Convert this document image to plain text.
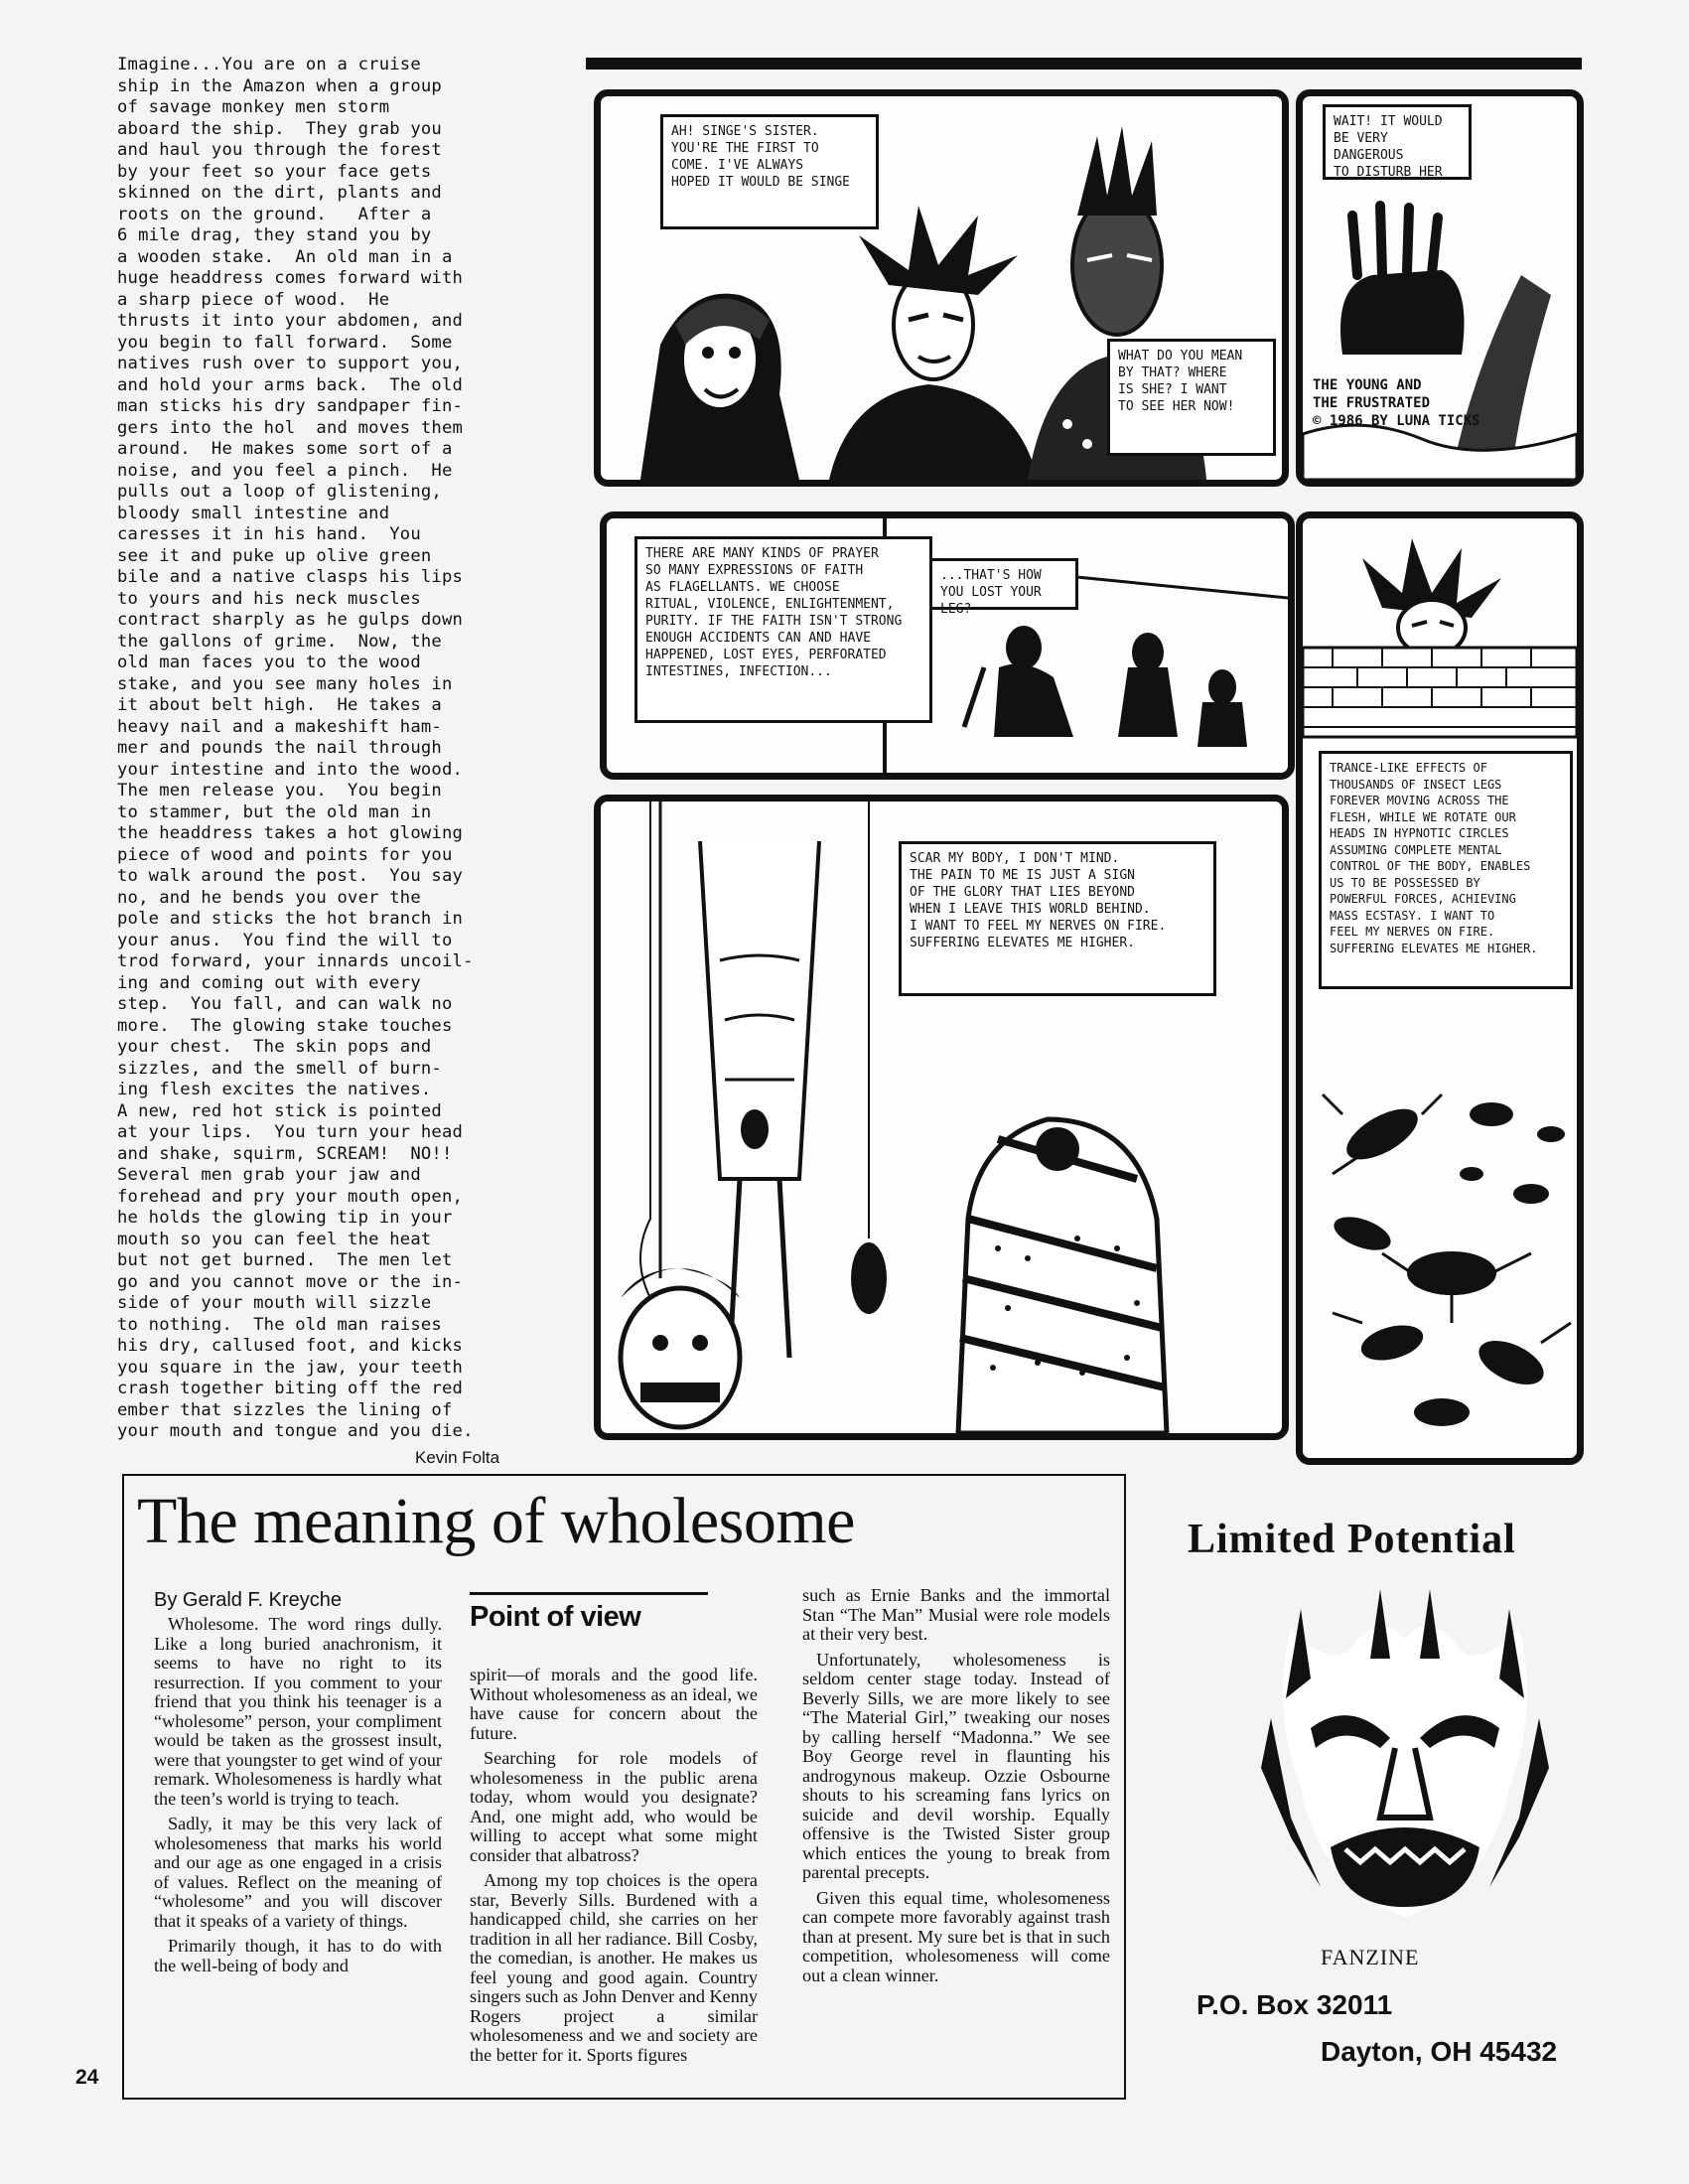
Imagine...You are on a cruise
ship in the Amazon when a group
of savage monkey men storm
aboard the ship.  They grab you
and haul you through the forest
by your feet so your face gets
skinned on the dirt, plants and
roots on the ground.   After a
6 mile drag, they stand you by
a wooden stake.  An old man in a
huge headdress comes forward with
a sharp piece of wood.  He
thrusts it into your abdomen, and
you begin to fall forward.  Some
natives rush over to support you,
and hold your arms back.  The old
man sticks his dry sandpaper fin-
gers into the hol  and moves them
around.  He makes some sort of a
noise, and you feel a pinch.  He
pulls out a loop of glistening,
bloody small intestine and
caresses it in his hand.  You
see it and puke up olive green
bile and a native clasps his lips
to yours and his neck muscles
contract sharply as he gulps down
the gallons of grime.  Now, the
old man faces you to the wood
stake, and you see many holes in
it about belt high.  He takes a
heavy nail and a makeshift ham-
mer and pounds the nail through
your intestine and into the wood.
The men release you.  You begin
to stammer, but the old man in
the headdress takes a hot glowing
piece of wood and points for you
to walk around the post.  You say
no, and he bends you over the
pole and sticks the hot branch in
your anus.  You find the will to
trod forward, your innards uncoil-
ing and coming out with every
step.  You fall, and can walk no
more.  The glowing stake touches
your chest.  The skin pops and
sizzles, and the smell of burn-
ing flesh excites the natives.
A new, red hot stick is pointed
at your lips.  You turn your head
and shake, squirm, SCREAM!  NO!!
Several men grab your jaw and
forehead and pry your mouth open,
he holds the glowing tip in your
mouth so you can feel the heat
but not get burned.  The men let
go and you cannot move or the in-
side of your mouth will sizzle
to nothing.  The old man raises
his dry, callused foot, and kicks
you square in the jaw, your teeth
crash together biting off the red
ember that sizzles the lining of
your mouth and tongue and you die.
Kevin Folta
AH! SINGE'S SISTER.
YOU'RE THE FIRST TO
COME. I'VE ALWAYS
HOPED IT WOULD BE SINGE
WHAT DO YOU MEAN
BY THAT? WHERE
IS SHE? I WANT
TO SEE HER NOW!
WAIT! IT WOULD
BE VERY DANGEROUS
TO DISTURB HER
THE YOUNG AND
THE FRUSTRATED
© 1986 BY LUNA TICKS
THERE ARE MANY KINDS OF PRAYER
SO MANY EXPRESSIONS OF FAITH
AS FLAGELLANTS. WE CHOOSE
RITUAL, VIOLENCE, ENLIGHTENMENT,
PURITY. IF THE FAITH ISN'T STRONG
ENOUGH ACCIDENTS CAN AND HAVE
HAPPENED, LOST EYES, PERFORATED
INTESTINES, INFECTION...
...THAT'S HOW
YOU LOST YOUR LEG?
TRANCE-LIKE EFFECTS OF
THOUSANDS OF INSECT LEGS
FOREVER MOVING ACROSS THE
FLESH, WHILE WE ROTATE OUR
HEADS IN HYPNOTIC CIRCLES
ASSUMING COMPLETE MENTAL
CONTROL OF THE BODY, ENABLES
US TO BE POSSESSED BY
POWERFUL FORCES, ACHIEVING
MASS ECSTASY. I WANT TO
FEEL MY NERVES ON FIRE.
SUFFERING ELEVATES ME HIGHER.
SCAR MY BODY, I DON'T MIND.
THE PAIN TO ME IS JUST A SIGN
OF THE GLORY THAT LIES BEYOND
WHEN I LEAVE THIS WORLD BEHIND.
I WANT TO FEEL MY NERVES ON FIRE.
SUFFERING ELEVATES ME HIGHER.
The meaning of wholesome
By Gerald F. Kreyche

Wholesome. The word rings dully. Like a long buried anachronism, it seems to have no right to its resurrection. If you comment to your friend that you think his teenager is a “wholesome” person, your compliment would be taken as the grossest insult, were that youngster to get wind of your remark. Wholesomeness is hardly what the teen’s world is trying to teach.

Sadly, it may be this very lack of wholesomeness that marks his world and our age as one engaged in a crisis of values. Reflect on the meaning of “wholesome” and you will discover that it speaks of a variety of things.

Primarily though, it has to do with the well-being of body and

Point of view

spirit—of morals and the good life. Without wholesomeness as an ideal, we have cause for concern about the future.

Searching for role models of wholesomeness in the public arena today, whom would you designate? And, one might add, who would be willing to accept what some might consider that albatross?

Among my top choices is the opera star, Beverly Sills. Burdened with a handicapped child, she carries on her tradition in all her radiance. Bill Cosby, the comedian, is another. He makes us feel young and good again. Country singers such as John Denver and Kenny Rogers project a similar wholesomeness and we and society are the better for it. Sports figures

such as Ernie Banks and the immortal Stan “The Man” Musial were role models at their very best.

Unfortunately, wholesomeness is seldom center stage today. Instead of Beverly Sills, we are more likely to see “The Material Girl,” tweaking our noses by calling herself “Madonna.” We see Boy George revel in flaunting his androgynous makeup. Ozzie Osbourne shouts to his screaming fans lyrics on suicide and devil worship. Equally offensive is the Twisted Sister group which entices the young to break from parental precepts.

Given this equal time, wholesomeness can compete more favorably against trash than at present. My sure bet is that in such competition, wholesomeness will come out a clean winner.

24
Limited Potential
FANZINE
P.O. Box 32011
Dayton, OH 45432
